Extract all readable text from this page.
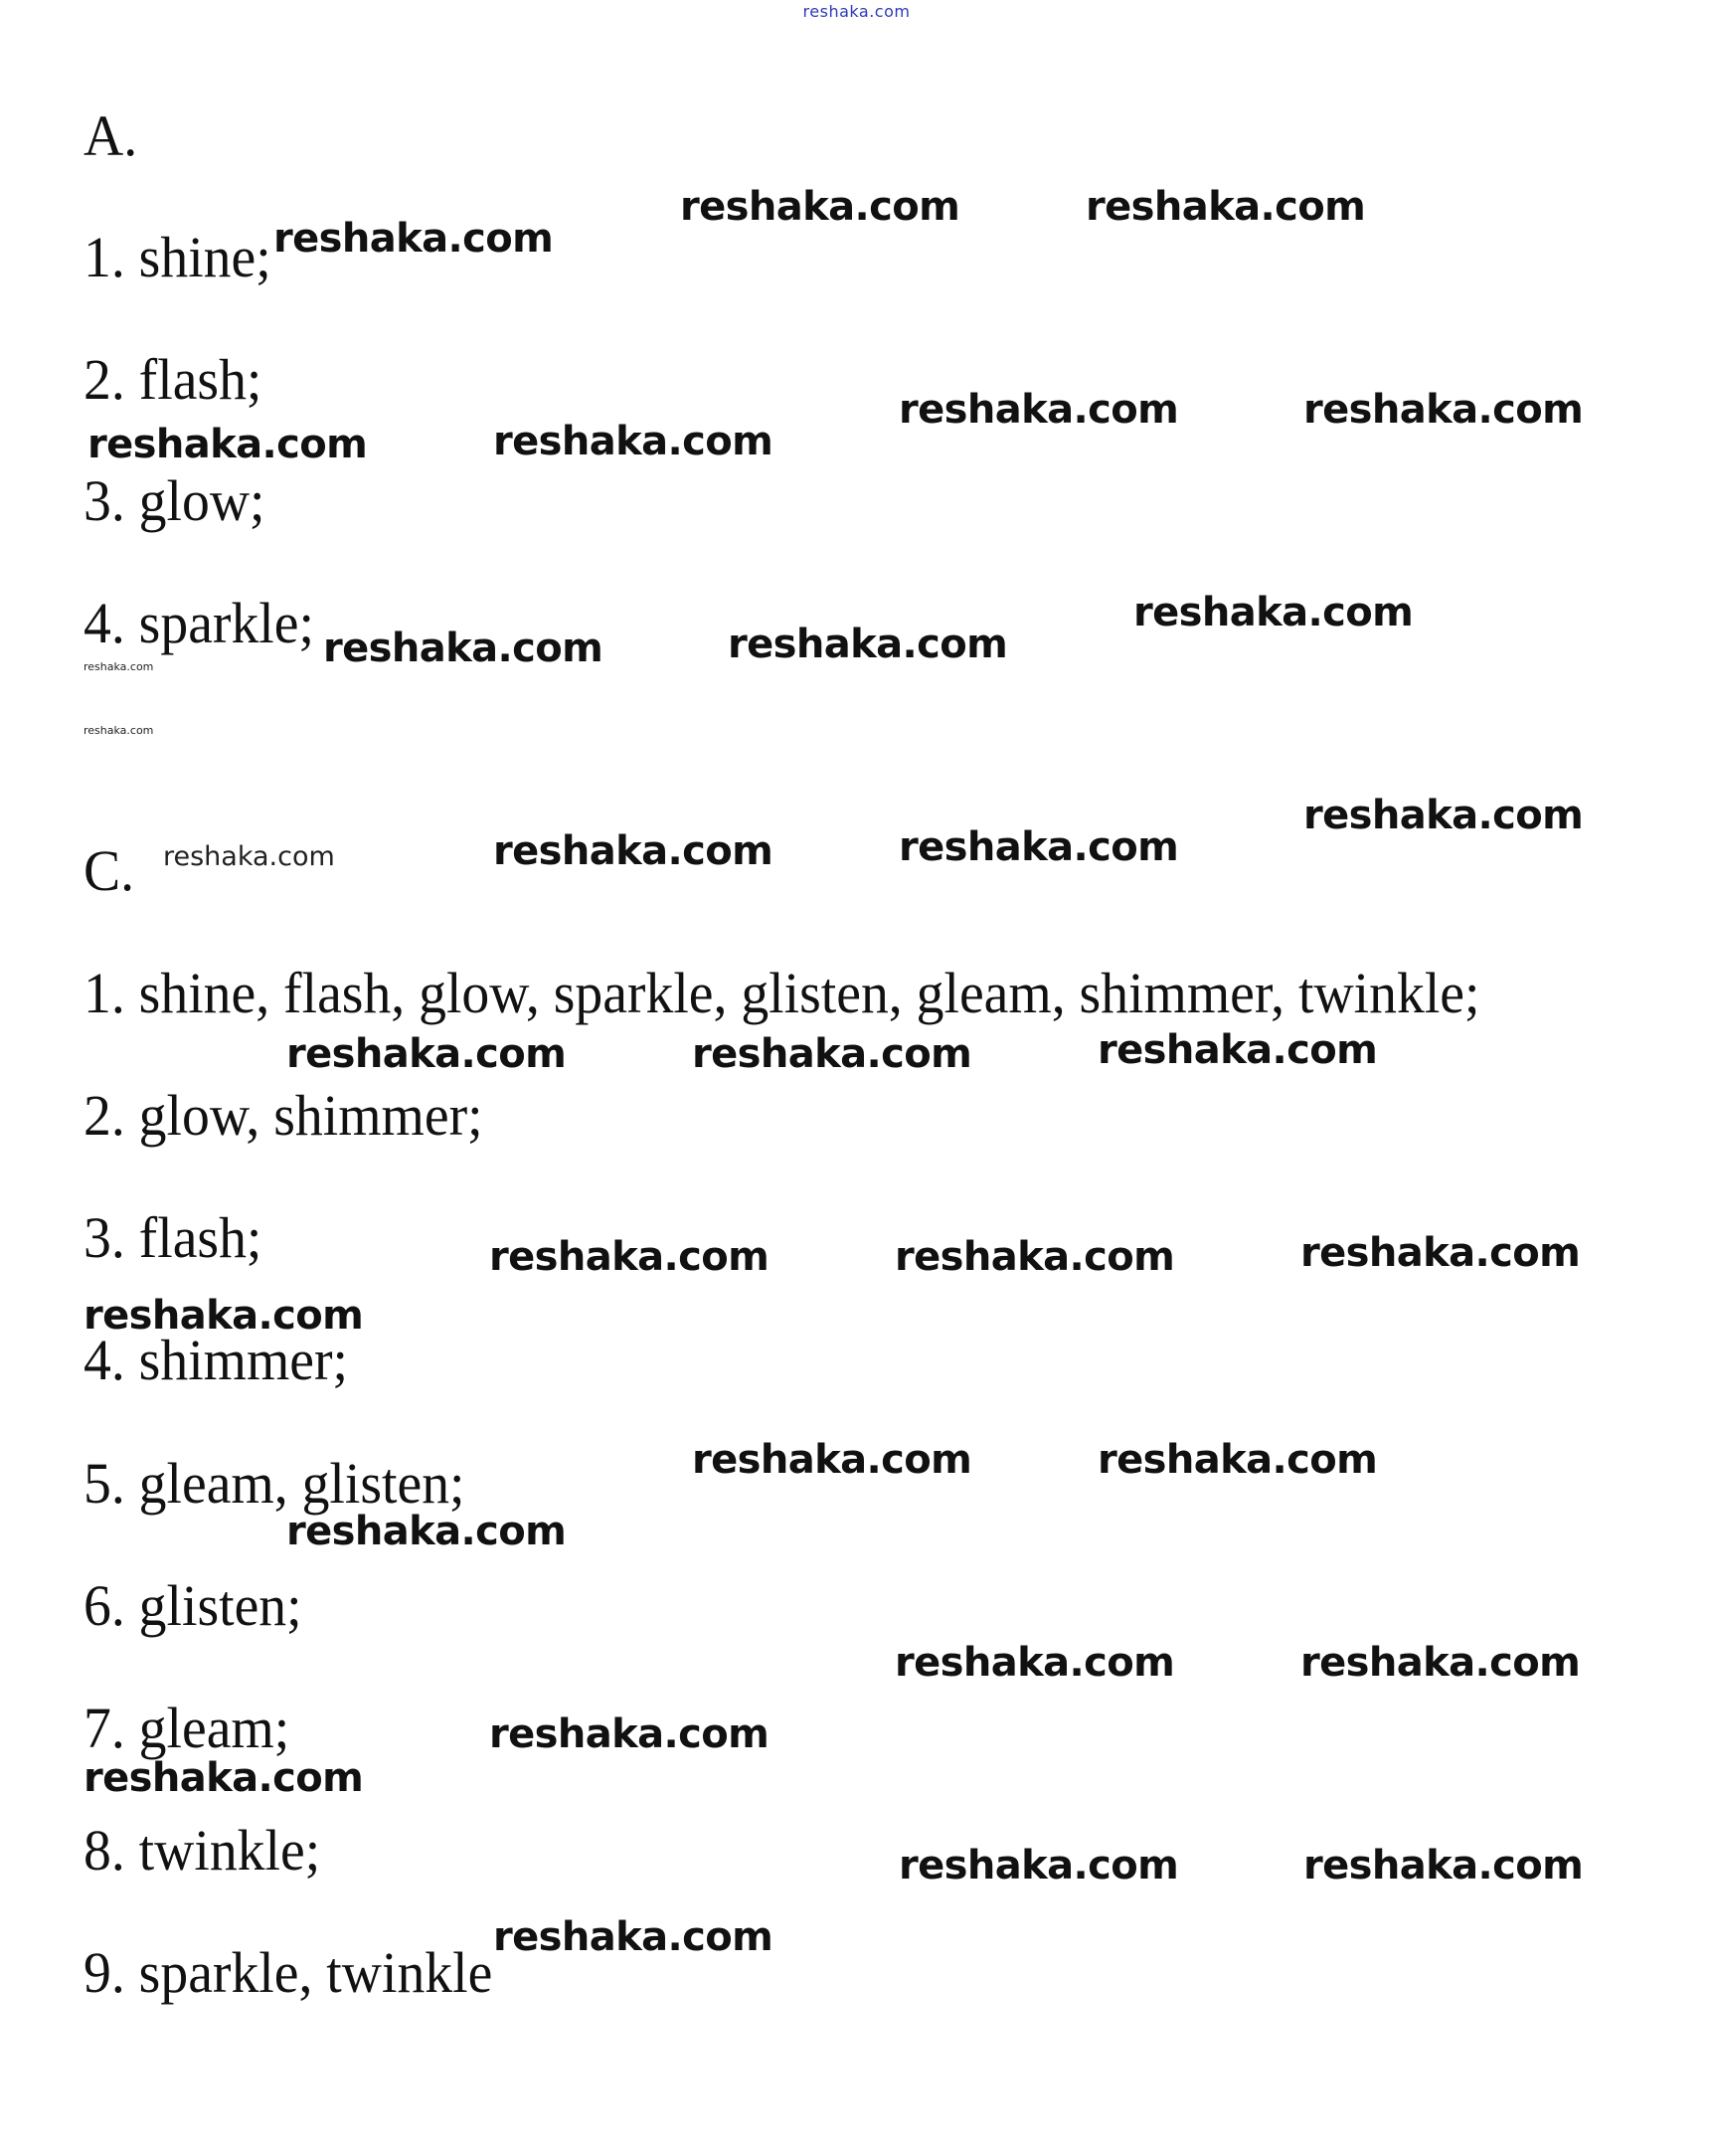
reshaka.com
A.
1. shine;
2. flash;
3. glow;
4. sparkle;
C.
1. shine, flash, glow, sparkle, glisten, gleam, shimmer, twinkle;
2. glow, shimmer;
3. flash;
4. shimmer;
5. gleam, glisten;
6. glisten;
7. gleam;
8. twinkle;
9. sparkle, twinkle
reshaka.com	reshaka.com
reshaka.com
reshaka.com	reshaka.com
reshaka.com	reshaka.com
reshaka.com
reshaka.com	reshaka.com
reshaka.com
reshaka.com
reshaka.com
reshaka.com	reshaka.com	reshaka.com
reshaka.com	reshaka.com	reshaka.com
reshaka.com	reshaka.com	reshaka.com
reshaka.com
reshaka.com	reshaka.com
reshaka.com
reshaka.com	reshaka.com
reshaka.com
reshaka.com
reshaka.com	reshaka.com
reshaka.com
